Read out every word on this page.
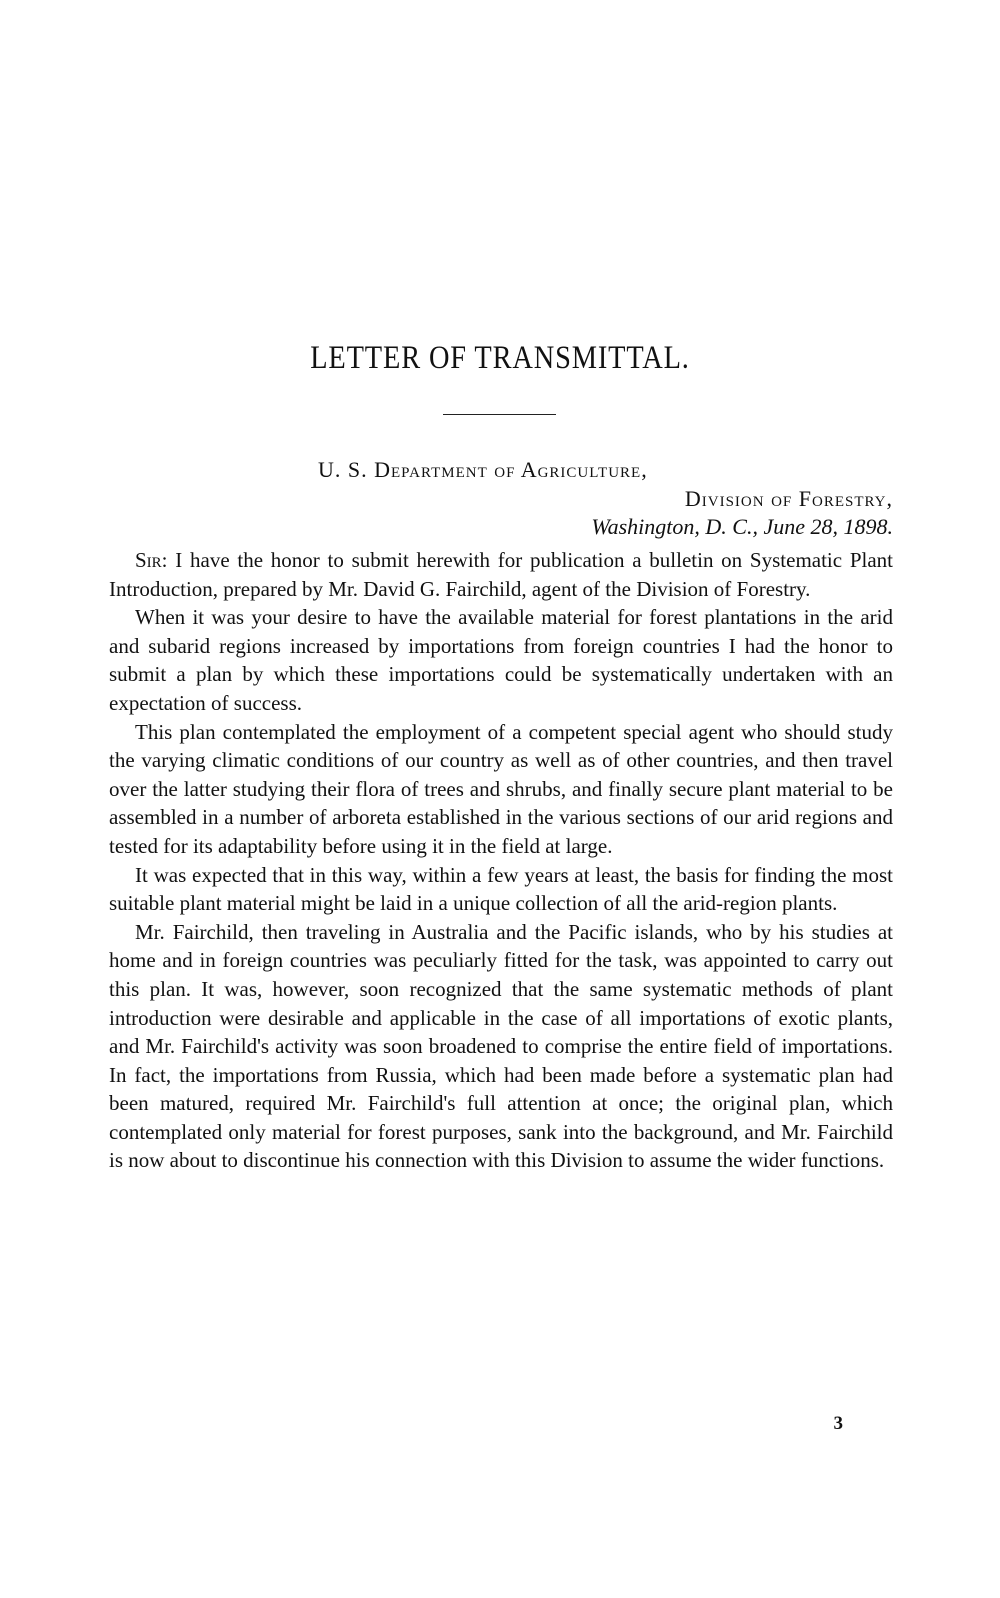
LETTER OF TRANSMITTAL.
U. S. Department of Agriculture,
Division of Forestry,
Washington, D. C., June 28, 1898.

Sir: I have the honor to submit herewith for publication a bulletin on Systematic Plant Introduction, prepared by Mr. David G. Fairchild, agent of the Division of Forestry.

When it was your desire to have the available material for forest plantations in the arid and subarid regions increased by importations from foreign countries I had the honor to submit a plan by which these importations could be systematically undertaken with an expectation of success.

This plan contemplated the employment of a competent special agent who should study the varying climatic conditions of our country as well as of other countries, and then travel over the latter studying their flora of trees and shrubs, and finally secure plant material to be assembled in a number of arboreta established in the various sections of our arid regions and tested for its adaptability before using it in the field at large.

It was expected that in this way, within a few years at least, the basis for finding the most suitable plant material might be laid in a unique collection of all the arid-region plants.

Mr. Fairchild, then traveling in Australia and the Pacific islands, who by his studies at home and in foreign countries was peculiarly fitted for the task, was appointed to carry out this plan. It was, however, soon recognized that the same systematic methods of plant introduction were desirable and applicable in the case of all importations of exotic plants, and Mr. Fairchild's activity was soon broadened to comprise the entire field of importations. In fact, the importations from Russia, which had been made before a systematic plan had been matured, required Mr. Fairchild's full attention at once; the original plan, which contemplated only material for forest purposes, sank into the background, and Mr. Fairchild is now about to discontinue his connection with this Division to assume the wider functions.

3
